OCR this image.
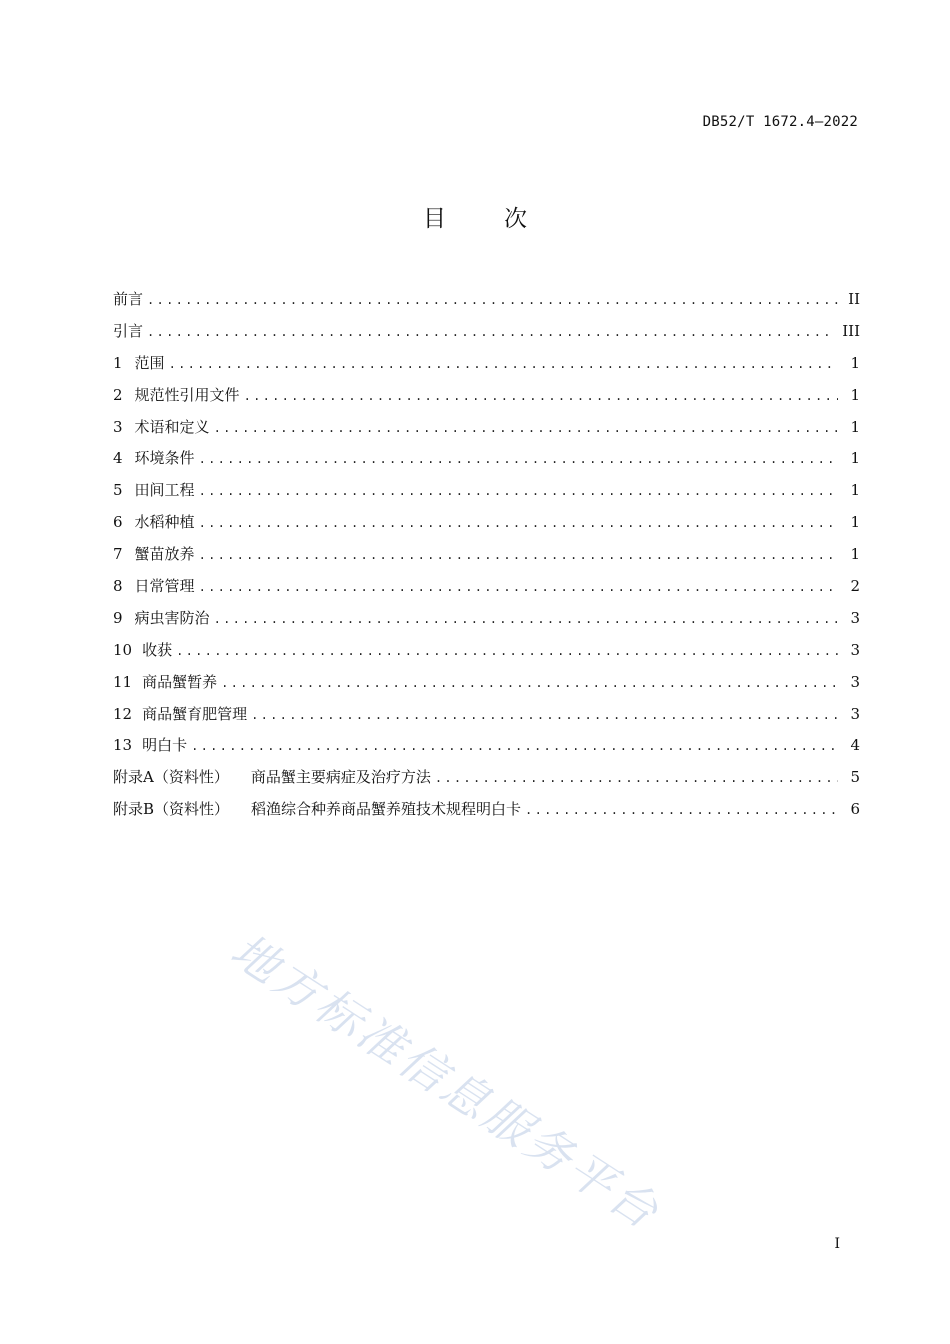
DB52/T 1672.4—2022
目次
前言 .....	II
引言 .....	III
1 范围 .....	1
2 规范性引用文件 .....	1
3 术语和定义 .....	1
4 环境条件 .....	1
5 田间工程 .....	1
6 水稻种植 .....	1
7 蟹苗放养 .....	1
8 日常管理 .....	2
9 病虫害防治 .....	3
10 收获 .....	3
11 商品蟹暂养 .....	3
12 商品蟹育肥管理 .....	3
13 明白卡 .....	4
附录A（资料性） 商品蟹主要病症及治疗方法 .....	5
附录B（资料性） 稻渔综合种养商品蟹养殖技术规程明白卡 .....	6
地方标准信息服务平台
I
